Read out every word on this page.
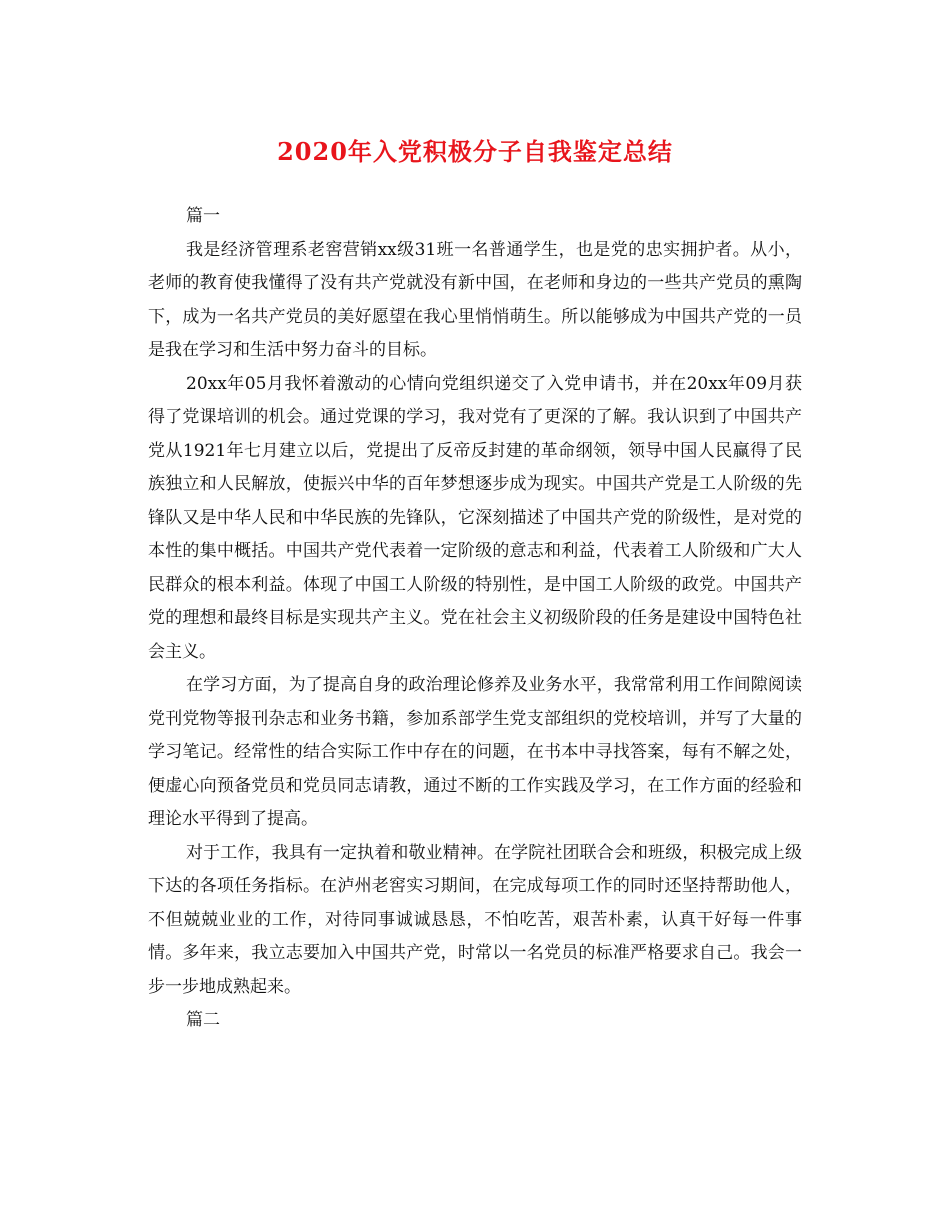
2020年入党积极分子自我鉴定总结

篇一

我是经济管理系老窖营销xx级31班一名普通学生，也是党的忠实拥护者。从小，老师的教育使我懂得了没有共产党就没有新中国，在老师和身边的一些共产党员的熏陶下，成为一名共产党员的美好愿望在我心里悄悄萌生。所以能够成为中国共产党的一员是我在学习和生活中努力奋斗的目标。

20xx年05月我怀着激动的心情向党组织递交了入党申请书，并在20xx年09月获得了党课培训的机会。通过党课的学习，我对党有了更深的了解。我认识到了中国共产党从1921年七月建立以后，党提出了反帝反封建的革命纲领，领导中国人民赢得了民族独立和人民解放，使振兴中华的百年梦想逐步成为现实。中国共产党是工人阶级的先锋队又是中华人民和中华民族的先锋队，它深刻描述了中国共产党的阶级性，是对党的本性的集中概括。中国共产党代表着一定阶级的意志和利益，代表着工人阶级和广大人民群众的根本利益。体现了中国工人阶级的特别性，是中国工人阶级的政党。中国共产党的理想和最终目标是实现共产主义。党在社会主义初级阶段的任务是建设中国特色社会主义。

在学习方面，为了提高自身的政治理论修养及业务水平，我常常利用工作间隙阅读党刊党物等报刊杂志和业务书籍，参加系部学生党支部组织的党校培训，并写了大量的学习笔记。经常性的结合实际工作中存在的问题，在书本中寻找答案，每有不解之处，便虚心向预备党员和党员同志请教，通过不断的工作实践及学习，在工作方面的经验和理论水平得到了提高。

对于工作，我具有一定执着和敬业精神。在学院社团联合会和班级，积极完成上级下达的各项任务指标。在泸州老窖实习期间，在完成每项工作的同时还坚持帮助他人，不但兢兢业业的工作，对待同事诚诚恳恳，不怕吃苦，艰苦朴素，认真干好每一件事情。多年来，我立志要加入中国共产党，时常以一名党员的标准严格要求自己。我会一步一步地成熟起来。

篇二
